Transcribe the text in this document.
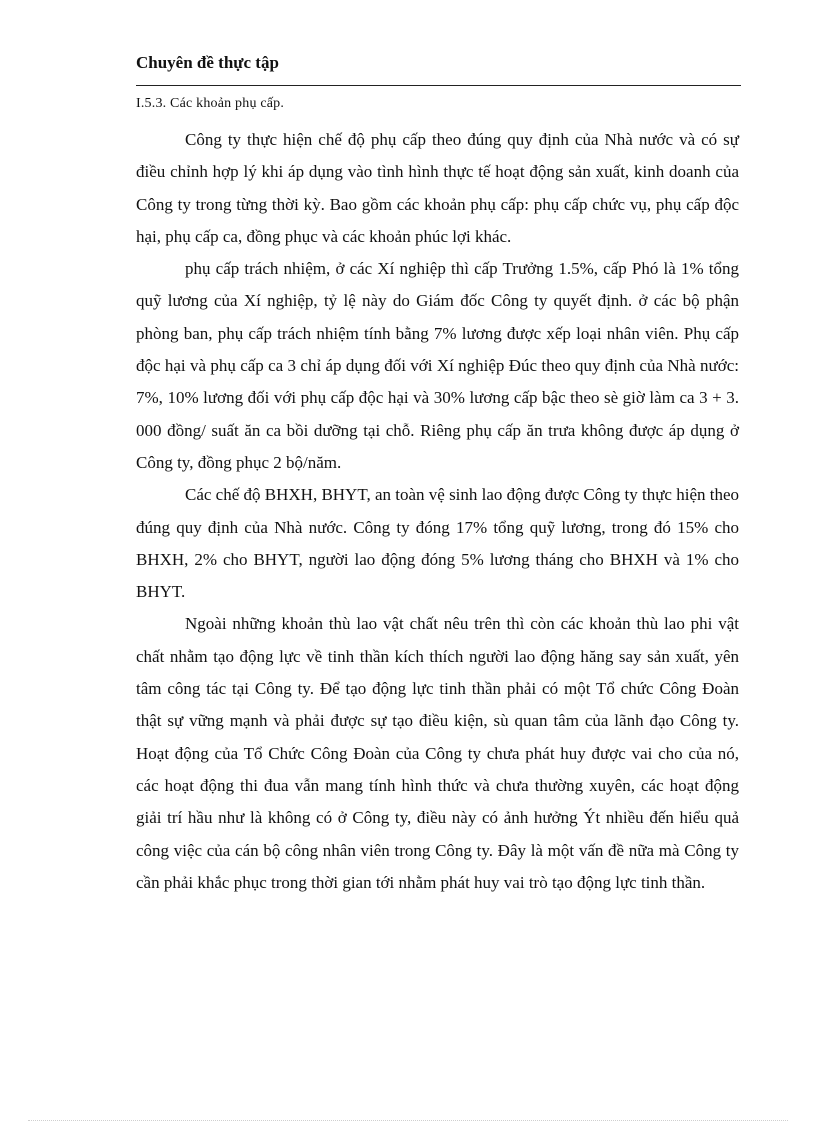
Chuyên đề thực tập

I.5.3. Các khoản phụ cấp.

Công ty thực hiện chế độ phụ cấp theo đúng quy định của Nhà nước và có sự điều chỉnh hợp lý khi áp dụng vào tình hình thực tế hoạt động sản xuất, kinh doanh của Công ty trong từng thời kỳ. Bao gồm các khoản phụ cấp: phụ cấp chức vụ, phụ cấp độc hại, phụ cấp ca, đồng phục và các khoản phúc lợi khác.

phụ cấp trách nhiệm, ở các Xí nghiệp thì cấp Trưởng 1.5%, cấp Phó là 1% tổng quỹ lương của Xí nghiệp, tỷ lệ này do Giám đốc Công ty quyết định. ở các bộ phận phòng ban, phụ cấp trách nhiệm tính bằng 7% lương được xếp loại nhân viên. Phụ cấp độc hại và phụ cấp ca 3 chỉ áp dụng đối với Xí nghiệp Đúc theo quy định của Nhà nước: 7%, 10% lương đối với phụ cấp độc hại và 30% lương cấp bậc theo sè giờ làm ca 3 + 3. 000 đồng/ suất ăn ca bồi dưỡng tại chỗ. Riêng phụ cấp ăn trưa không được áp dụng ở Công ty, đồng phục 2 bộ/năm.

Các chế độ BHXH, BHYT, an toàn vệ sinh lao động được Công ty thực hiện theo đúng quy định của Nhà nước. Công ty đóng 17% tổng quỹ lương, trong đó 15% cho BHXH, 2% cho BHYT, người lao động đóng 5% lương tháng cho BHXH và 1% cho BHYT.

Ngoài những khoản thù lao vật chất nêu trên thì còn các khoản thù lao phi vật chất nhằm tạo động lực về tinh thần kích thích người lao động hăng say sản xuất, yên tâm công tác tại Công ty. Để tạo động lực tinh thần phải có một Tổ chức Công Đoàn thật sự vững mạnh và phải được sự tạo điều kiện, sù quan tâm của lãnh đạo Công ty. Hoạt động của Tổ Chức Công Đoàn của Công ty chưa phát huy được vai cho của nó, các hoạt động thi đua vẫn mang tính hình thức và chưa thường xuyên, các hoạt động giải trí hầu như là không có ở Công ty, điều này có ảnh hưởng Ýt nhiều đến hiểu quả công việc của cán bộ công nhân viên trong Công ty. Đây là một vấn đề nữa mà Công ty cần phải khắc phục trong thời gian tới nhằm phát huy vai trò tạo động lực tinh thần.
